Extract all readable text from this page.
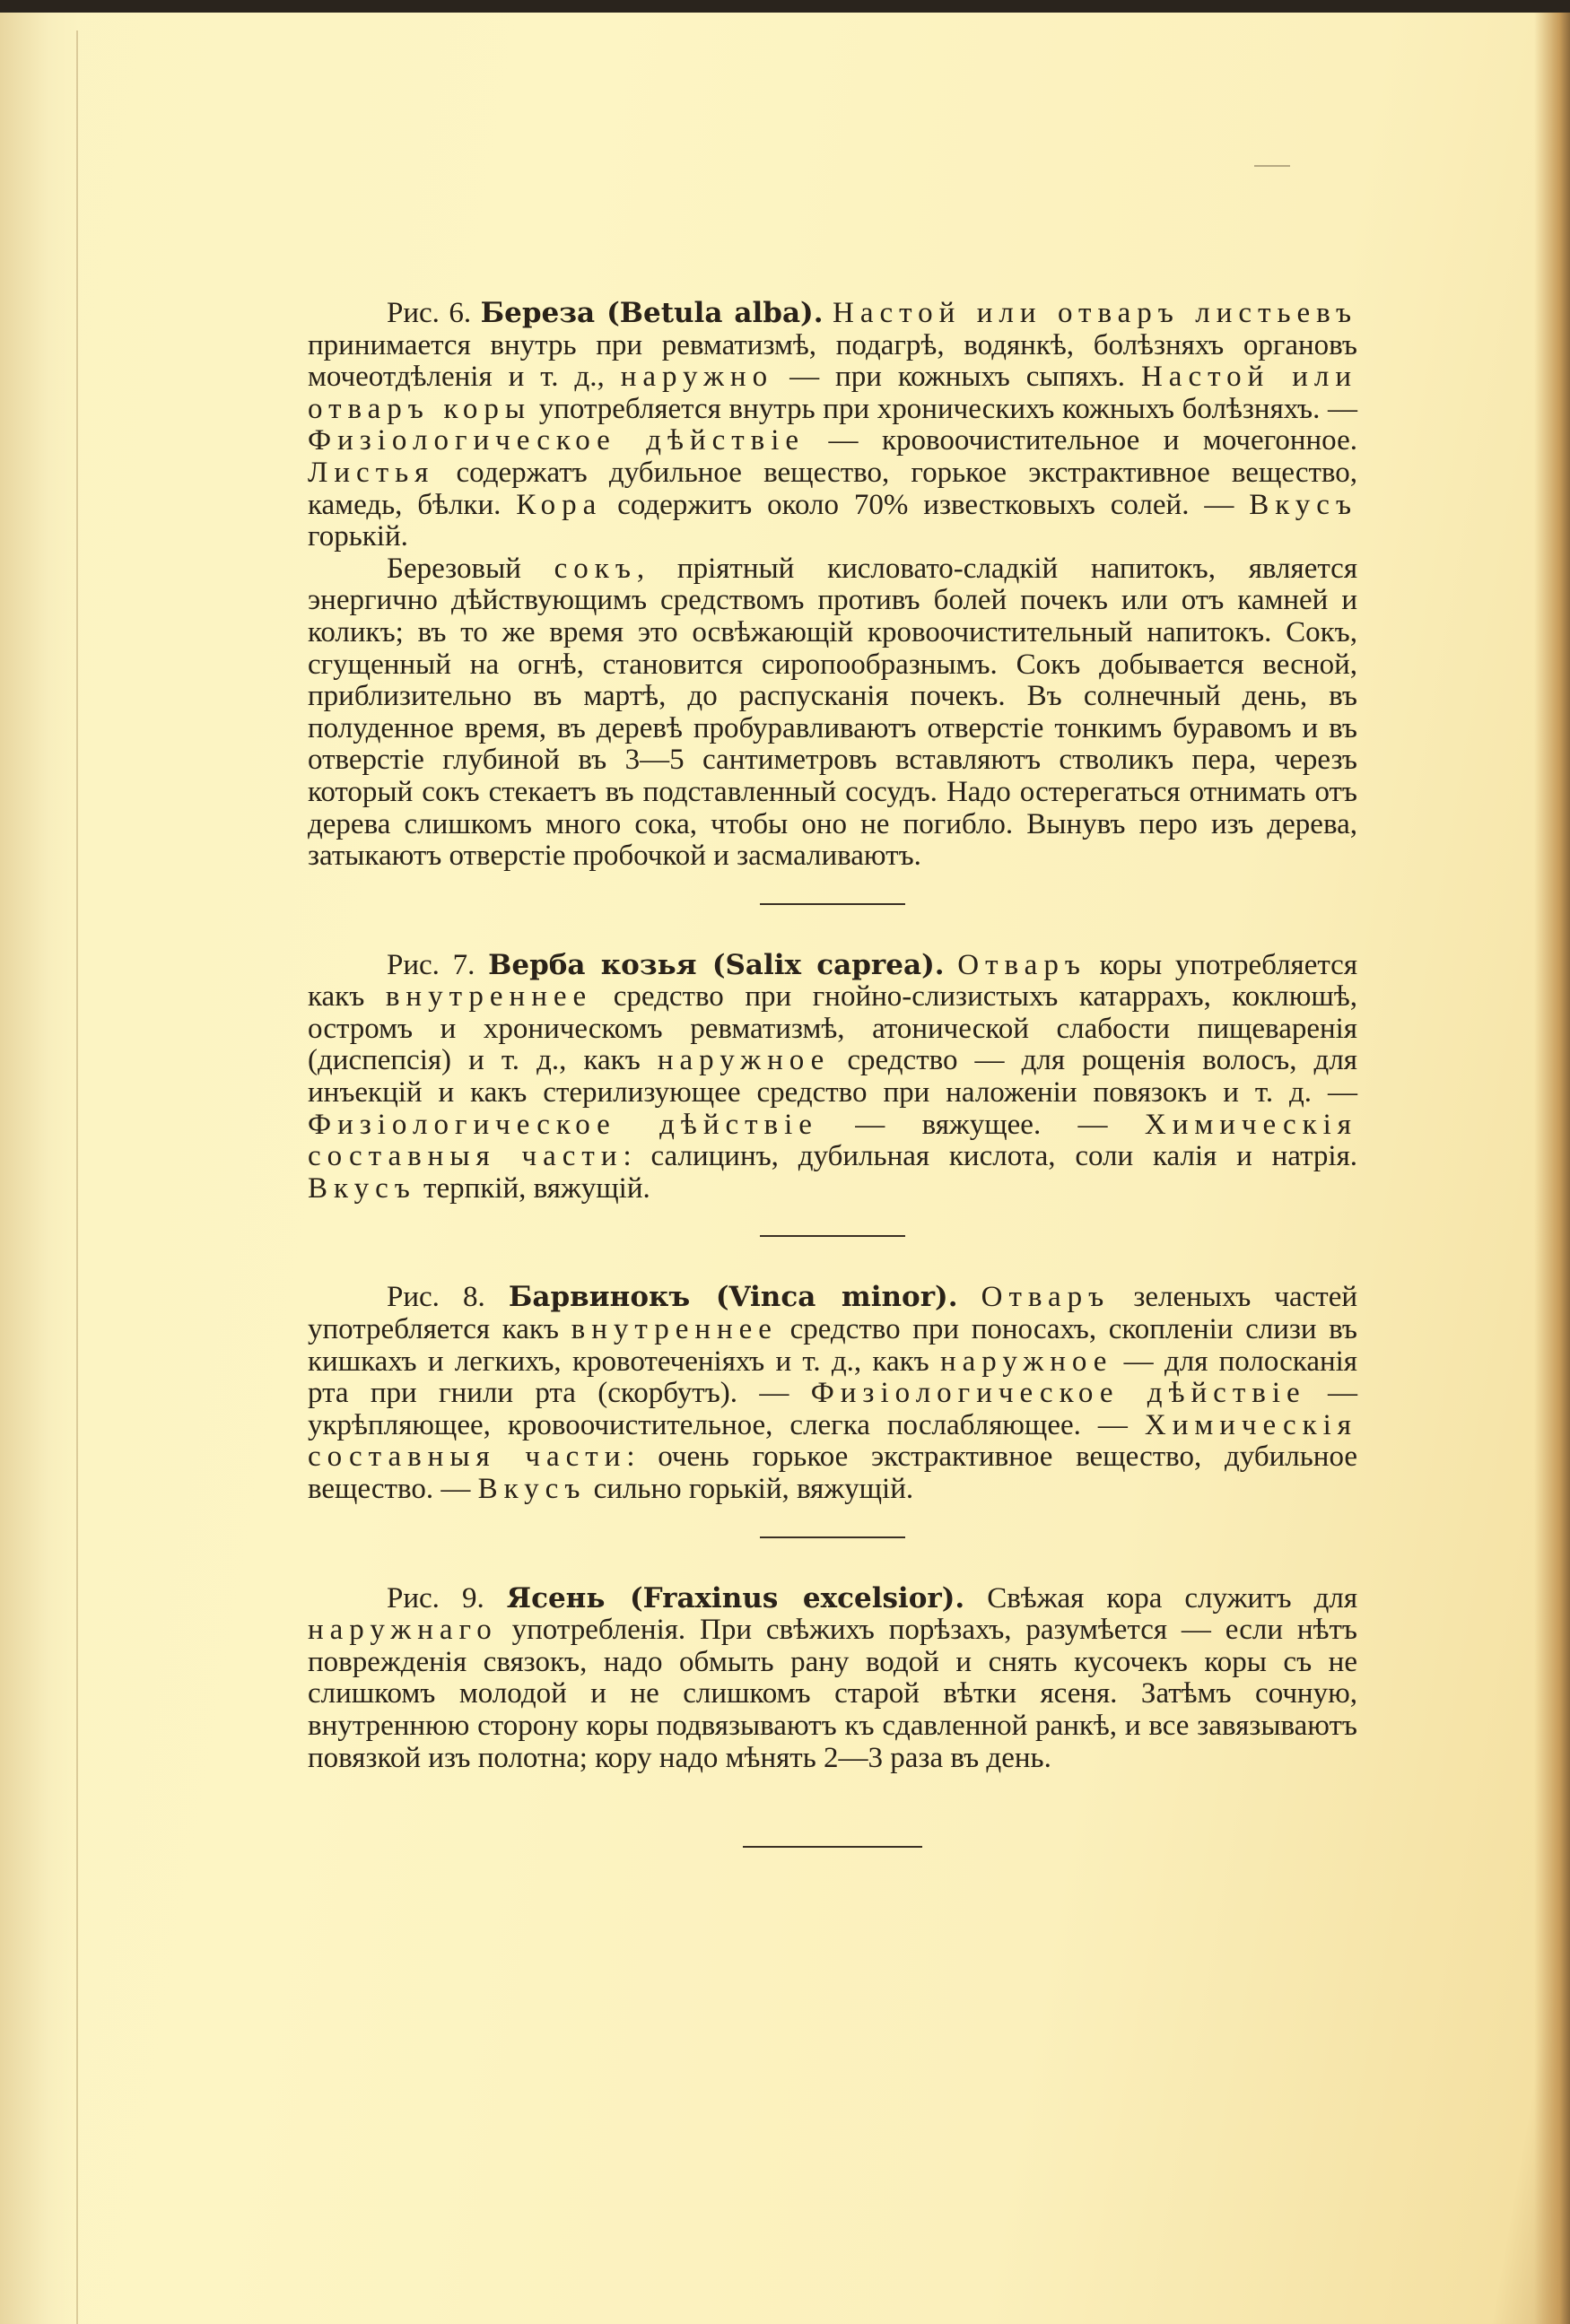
Рис. 6. Береза (Betula alba). Настой или отваръ листьевъ принимается внутрь при ревматизмѣ, подагрѣ, водянкѣ, болѣзняхъ органовъ мочеотдѣленія и т. д., наружно — при кожныхъ сыпяхъ. Настой или отваръ коры употребляется внутрь при хроническихъ кожныхъ болѣзняхъ. — Физіологическое дѣйствіе — кровоочистительное и мочегонное. Листья содержатъ дубильное вещество, горькое экстрактивное вещество, камедь, бѣлки. Кора содержитъ около 70% известковыхъ солей. — Вкусъ горькій.

Березовый сокъ, пріятный кисловато-сладкій напитокъ, является энергично дѣйствующимъ средствомъ противъ болей почекъ или отъ камней и коликъ; въ то же время это освѣжающій кровоочистительный напитокъ. Сокъ, сгущенный на огнѣ, становится сиропообразнымъ. Сокъ добывается весной, приблизительно въ мартѣ, до распусканія почекъ. Въ солнечный день, въ полуденное время, въ деревѣ пробуравливаютъ отверстіе тонкимъ буравомъ и въ отверстіе глубиной въ 3—5 сантиметровъ вставляютъ стволикъ пера, черезъ который сокъ стекаетъ въ подставленный сосудъ. Надо остерегаться отнимать отъ дерева слишкомъ много сока, чтобы оно не погибло. Вынувъ перо изъ дерева, затыкаютъ отверстіе пробочкой и засмаливаютъ.

Рис. 7. Верба козья (Salix caprea). Отваръ коры употребляется какъ внутреннее средство при гнойно-слизистыхъ катаррахъ, коклюшѣ, остромъ и хроническомъ ревматизмѣ, атонической слабости пищеваренія (диспепсія) и т. д., какъ наружное средство — для рощенія волосъ, для инъекцій и какъ стерилизующее средство при наложеніи повязокъ и т. д. — Физіологическое дѣйствіе — вяжущее. — Химическія составныя части: салицинъ, дубильная кислота, соли калія и натрія. Вкусъ терпкій, вяжущій.

Рис. 8. Барвинокъ (Vinca minor). Отваръ зеленыхъ частей употребляется какъ внутреннее средство при поносахъ, скопленіи слизи въ кишкахъ и легкихъ, кровотеченіяхъ и т. д., какъ наружное — для полосканія рта при гнили рта (скорбутъ). — Физіологическое дѣйствіе — укрѣпляющее, кровоочистительное, слегка послабляющее. — Химическія составныя части: очень горькое экстрактивное вещество, дубильное вещество. — Вкусъ сильно горькій, вяжущій.

Рис. 9. Ясень (Fraxinus excelsior). Свѣжая кора служитъ для наружнаго употребленія. При свѣжихъ порѣзахъ, разумѣется — если нѣтъ поврежденія связокъ, надо обмыть рану водой и снять кусочекъ коры съ не слишкомъ молодой и не слишкомъ старой вѣтки ясеня. Затѣмъ сочную, внутреннюю сторону коры подвязываютъ къ сдавленной ранкѣ, и все завязываютъ повязкой изъ полотна; кору надо мѣнять 2—3 раза въ день.
